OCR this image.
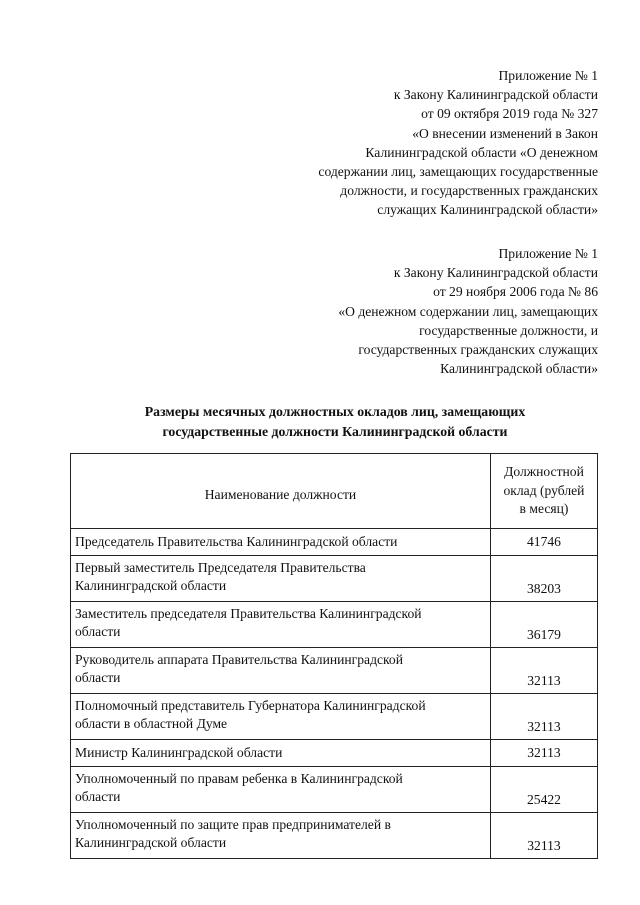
Приложение № 1
к Закону Калининградской области
от 09 октября 2019 года № 327
«О внесении изменений в Закон
Калининградской области «О денежном
содержании лиц, замещающих государственные
должности, и государственных гражданских
служащих Калининградской области»
Приложение № 1
к Закону Калининградской области
от 29 ноября 2006 года № 86
«О денежном содержании лиц, замещающих
государственные должности, и
государственных гражданских служащих
Калининградской области»
Размеры месячных должностных окладов лиц, замещающих
государственные должности Калининградской области
Наименование должности	Должностной
оклад (рублей
в месяц)

Председатель Правительства Калининградской области	41746

Первый заместитель Председателя Правительства
Калининградской области	38203

Заместитель председателя Правительства Калининградской
области	36179

Руководитель аппарата Правительства Калининградской
области	32113

Полномочный представитель Губернатора Калининградской
области в областной Думе	32113

Министр Калининградской области	32113

Уполномоченный по правам ребенка в Калининградской
области	25422

Уполномоченный по защите прав предпринимателей в
Калининградской области	32113
